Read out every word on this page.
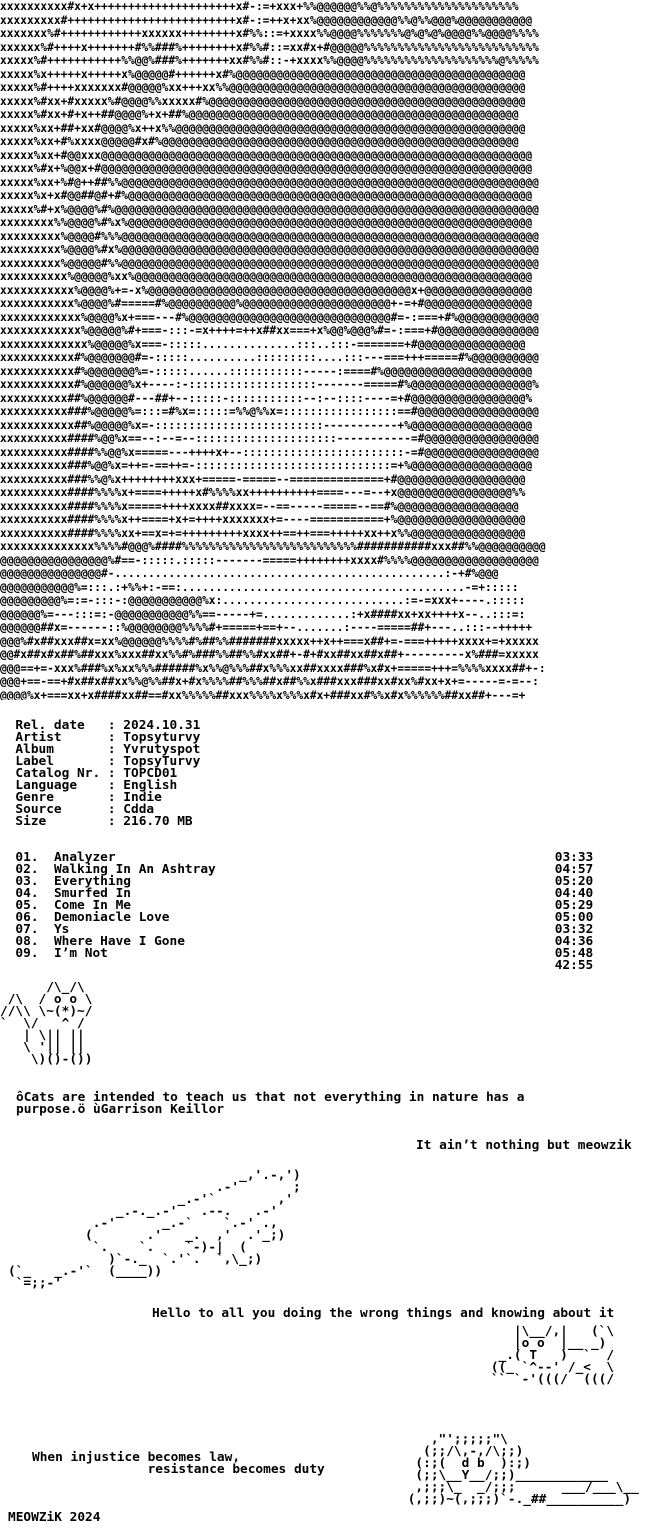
xxxxxxxxxx#x+x+++++++++++++++++++++x#-:=+xxx+%%@@@@@@%%@%%%%%%%%%%%%%%%%%%%%%
xxxxxxxxx#+++++++++++++++++++++++++x#-:=++x+xx%@@@@@@@@@@@@%%@%%@@@%@@@@@@@@@@@
xxxxxxx%#++++++++++++xxxxxx++++++++x#%%::=+xxxx%%@@@@%%%%%%%@%@%@%@@@@%%@@@@%%%%
xxxxxx%#++++x+++++++#%%###%++++++++x#%%#::=xx#x+#@@@@@%%%%%%%%%%%%%%%%%%%%%%%%%%
xxxxx%#+++++++++++%%@@%###%+++++++xx#%%#::-+xxxx%%@@@@%%%%%%%%%%%%%%%%%%%%@%%%%%
xxxxx%x+++++x+++++x%@@@@@#++++++x#%@@@@@@@@@@@@@@@@@@@@@@@@@@@@@@@@@@@@@@@@@@@
xxxxx%#++++xxxxxxx#@@@@@%xx+++xx%%@@@@@@@@@@@@@@@@@@@@@@@@@@@@@@@@@@@@@@@@@@@@
xxxxx%#xx+#xxxxx%#@@@@%%xxxxx#%@@@@@@@@@@@@@@@@@@@@@@@@@@@@@@@@@@@@@@@@@@@@@@@
xxxxx%#xx+#+x++##@@@@%+x+##%@@@@@@@@@@@@@@@@@@@@@@@@@@@@@@@@@@@@@@@@@@@@@@@@@
xxxxx%xx+##+xx#@@@@%x++x%%@@@@@@@@@@@@@@@@@@@@@@@@@@@@@@@@@@@@@@@@@@@@@@@@@@@@
xxxxx%xx+#%xxxx@@@@@#x#%@@@@@@@@@@@@@@@@@@@@@@@@@@@@@@@@@@@@@@@@@@@@@@@@@@@@@
xxxxx%xx+#@@xxx@@@@@@@@@@@@@@@@@@@@@@@@@@@@@@@@@@@@@@@@@@@@@@@@@@@@@@@@@@@@@@@@
xxxxx%#x+%@@x+#@@@@@@@@@@@@@@@@@@@@@@@@@@@@@@@@@@@@@@@@@@@@@@@@@@@@@@@@@@@@@@@@
xxxxx%xx+%#@++##%%@@@@@@@@@@@@@@@@@@@@@@@@@@@@@@@@@@@@@@@@@@@@@@@@@@@@@@@@@@@@@@
xxxxx%x+x#@@##@#+#%@@@@@@@@@@@@@@@@@@@@@@@@@@@@@@@@@@@@@@@@@@@@@@@@@@@@@@@@@@@@
xxxxx%#+x%@@@@%#%@@@@@@@@@@@@@@@@@@@@@@@@@@@@@@@@@@@@@@@@@@@@@@@@@@@@@@@@@@@@@@@
xxxxxxxx%%@@@@%#%x%@@@@@@@@@@@@@@@@@@@@@@@@@@@@@@@@@@@@@@@@@@@@@@@@@@@@@@@@@@@@
xxxxxxxxx%@@@@#%%%@@@@@@@@@@@@@@@@@@@@@@@@@@@@@@@@@@@@@@@@@@@@@@@@@@@@@@@@@@@@@@
xxxxxxxxx%@@@@%#x%@@@@@@@@@@@@@@@@@@@@@@@@@@@@@@@@@@@@@@@@@@@@@@@@@@@@@@@@@@@@@@
xxxxxxxxx%@@@@@#%%@@@@@@@@@@@@@@@@@@@@@@@@@@@@@@@@@@@@@@@@@@@@@@@@@@@@@@@@@@@@@@
xxxxxxxxxx%@@@@@%xx%@@@@@@@@@@@@@@@@@@@@@@@@@@@@@@@@@@@@@@@@@@@@@@@@@@@@@@@@@@@
xxxxxxxxxxx%@@@@%+=-x%@@@@@@@@@@@@@@@@@@@@@@@@@@@@@@@@@@@@@@@x+@@@@@@@@@@@@@@@@
xxxxxxxxxxx%@@@@%#=====#%@@@@@@@@@@%@@@@@@@@@@@@@@@@@@@@@@+-=+#@@@@@@@@@@@@@@@@
xxxxxxxxxxxx%@@@@%x+===---#%@@@@@@@@@@@@@@@@@@@@@@@@@@@@@@#=-:===+#%@@@@@@@@@@@@
xxxxxxxxxxxx%@@@@@%#+===-:::-=x++++=++x##xx===+x%@@%@@@%#=-:===+#@@@@@@@@@@@@@@@
xxxxxxxxxxxxx%@@@@@%x===-:::::..............:::..:::-=======+#@@@@@@@@@@@@@@@@
xxxxxxxxxxx#%@@@@@@@#=-:::::..........:::::::::....:::---===+++=====#%@@@@@@@@@@
xxxxxxxxxxx#%@@@@@@@%=-:::::......:::::::::::-----:====#%@@@@@@@@@@@@@@@@@@@@@@
xxxxxxxxxxx#%@@@@@@%x+----:-:::::::::::::::::::-------=====#%@@@@@@@@@@@@@@@@@@%
xxxxxxxxxx##%@@@@@@#---##+--:::::-:::::::::::--:--::::----=+#@@@@@@@@@@@@@@@@@%
xxxxxxxxxx###%@@@@@%=:::=#%x=:::::=%%@%%x=:::::::::::::::::==#@@@@@@@@@@@@@@@@@@
xxxxxxxxxxx##%@@@@@%x=-:::::::::::::::::::::::::-----------+%@@@@@@@@@@@@@@@@@@
xxxxxxxxxx####%@@%x==--:--=--:::::::::::::::::::::-----------=#@@@@@@@@@@@@@@@@@
xxxxxxxxxx####%%@@%x=====---++++x+--::::::::::::::::::::::::-=#@@@@@@@@@@@@@@@@@
xxxxxxxxxx###%@@%x=++=-==++=-:::::::::::::::::::::::::::::=+%@@@@@@@@@@@@@@@@@@
xxxxxxxxxx###%%@%x++++++++xxx+=====-=====--==============+#@@@@@@@@@@@@@@@@@@@
xxxxxxxxxx####%%%%x+====+++++x#%%%%xx++++++++++====---=--+x@@@@@@@@@@@@@@@@@%%
xxxxxxxxxx####%%%%x=====++++xxxx##xxxx=--==-----=====--==#%@@@@@@@@@@@@@@@@@@
xxxxxxxxxx####%%%%x++====+x+=++++xxxxxxx+=----===========+%@@@@@@@@@@@@@@@@@@@
xxxxxxxxxx####%%%%xx+==x=+=+++++++++xxxx++==++===+++++xx++x%%@@@@@@@@@@@@@@@@@
xxxxxxxxxxxxxx%%%%#@@@%####%%%%%%%%%%%%%%%%%%%%%%%%%%###########xxx##%%@@@@@@@@@@
@@@@@@@@@@@@@@@@%#==-:::::.:::::-------=====++++++++xxxx#%%%%@@@@@@@@@@@@@@@@@@@
@@@@@@@@@@@@@@@#-.................................................:-+#%@@@
@@@@@@@@@@@%=:::.:+%%+:-==:..........................................-=+:::::
@@@@@@@@@%=:=-:::-:@@@@@@@@@@@%x:...........................:=-=xxx+----.:::::
@@@@@@%=---:::=:-@@@@@@@@@@@%%==-----+=.............:+x####xx+xx++++x--..:::=:
@@@@@@##x=------::%@@@@@@@@%%%%#+=====+==+--.......:----=====##+---..:::--+++++
@@@%#x##xxx##x=xx%@@@@@@%%%%#%##%%#######xxxxx++x++===x##+=-===+++++xxxx+=+xxxxx
@@#x##x#x##%##xxx%xxx##xx%%#%###%%##%%#xx##+-#+#xx##xx##x##+---------x%###=xxxxx
@@@==+=-xxx%###%x%xx%%%######%x%%@%%%##x%%%xx##xxxx###%x#x+=====+++=%%%%xxxx##+-:
@@@+==-==+#x##x##xx%%@%%##x+#x%%%%##%%%##x##%%x###xxx###xx#xx%#xx+x+=-----=-=--:
@@@@%x+===xx+x####xx##==#xx%%%%%##xxx%%%%x%%%x#x+###xx#%%x#x%%%%%%##xx##+---=+

Rel. date   : 2024.10.31
Artist      : Topsyturvy
Album       : Yvrutyspot
Label       : TopsyTurvy
Catalog Nr. : TOPCD01
Language    : English
Genre       : Indie
Source      : Cdda
Size        : 216.70 MB

01.  Analyzer	03:33
02.  Walking In An Ashtray	04:57
03.  Everything	05:20
04.  Smurfed In	04:40
05.  Come In Me	05:29
06.  Demoniacle Love	05:00
07.  Ys	03:32
08.  Where Have I Gone	04:36
09.  I’m Not	05:48
42:55
/\_/\
/\  / o o \
//\\ \~(*)~/
`  \/   ^ /
| \|| ||
\ '|| ||
\)()-())
ôCats are intended to teach us that not everything in nature has a
purpose.ö ùGarrison Keillor
It ain’t nothing but meowzik
_,'.-,')
.-'       ;
_.-'`        ,'
_.-._.-'   .--.   .-'
.-'      _.-`    `.-' .,
(       .'   _.  ,'  .'_;)
`.    `.    `-)-|  (
)`-._  `.'`.  `,\_;)
(`_   _.-'`  (____))
`=;;-'
Hello to all you doing the wrong things and knowing about it
|\__/,|   (`\
|o o  |__ _)
_.( T   )  `  /
((_ `^--' /_<  \
`` `-'(((/  (((/
When injustice becomes law,
resistance becomes duty
,"';;;;;"\
(;;/\,-,/\;;)
(:;(  d b  ):;)
(;;\__Y__/;;)____________
,;;;\_  _/;;;      ___/___\__
(,;;)~(,;;;)`-._##__________)
MEOWZiK 2024
